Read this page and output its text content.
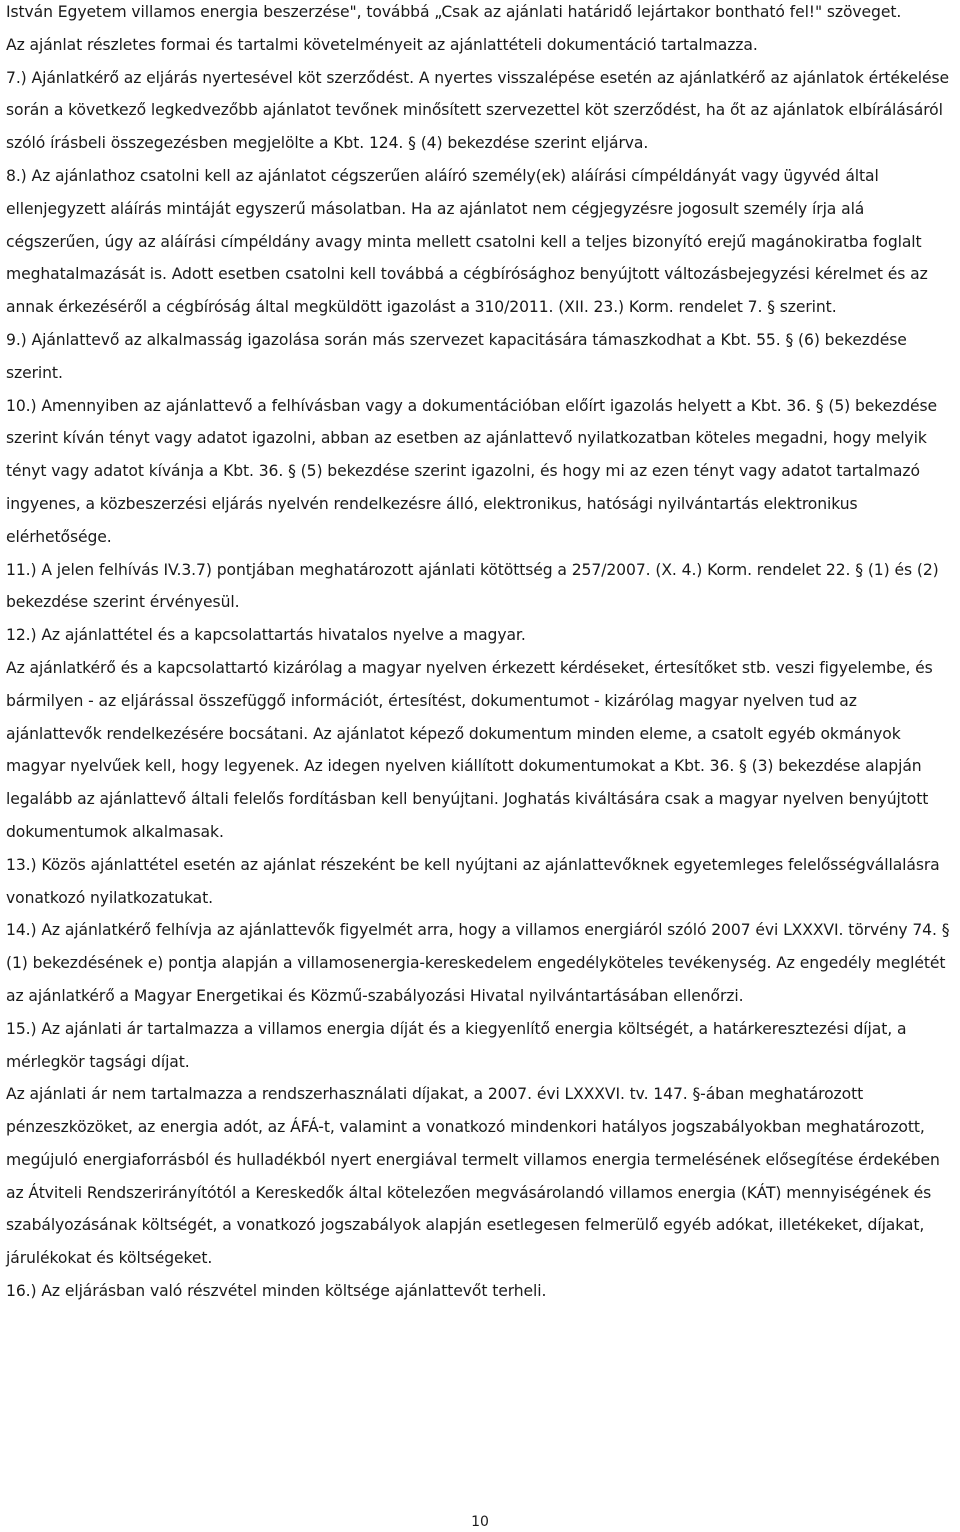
István Egyetem villamos energia beszerzése", továbbá „Csak az ajánlati határidő lejártakor bontható fel!" szöveget.

Az ajánlat részletes formai és tartalmi követelményeit az ajánlattételi dokumentáció tartalmazza.

7.) Ajánlatkérő az eljárás nyertesével köt szerződést. A nyertes visszalépése esetén az ajánlatkérő az ajánlatok értékelése során a következő legkedvezőbb ajánlatot tevőnek minősített szervezettel köt szerződést, ha őt az ajánlatok elbírálásáról szóló írásbeli összegezésben megjelölte a Kbt. 124. § (4) bekezdése szerint eljárva.

8.) Az ajánlathoz csatolni kell az ajánlatot cégszerűen aláíró személy(ek) aláírási címpéldányát vagy ügyvéd által ellenjegyzett aláírás mintáját egyszerű másolatban. Ha az ajánlatot nem cégjegyzésre jogosult személy írja alá cégszerűen, úgy az aláírási címpéldány avagy minta mellett csatolni kell a teljes bizonyító erejű magánokiratba foglalt meghatalmazását is. Adott esetben csatolni kell továbbá a cégbírósághoz benyújtott változásbejegyzési kérelmet és az annak érkezéséről a cégbíróság által megküldött igazolást a 310/2011. (XII. 23.) Korm. rendelet 7. § szerint.

9.) Ajánlattevő az alkalmasság igazolása során más szervezet kapacitására támaszkodhat a Kbt. 55. § (6) bekezdése szerint.

10.) Amennyiben az ajánlattevő a felhívásban vagy a dokumentációban előírt igazolás helyett a Kbt. 36. § (5) bekezdése szerint kíván tényt vagy adatot igazolni, abban az esetben az ajánlattevő nyilatkozatban köteles megadni, hogy melyik tényt vagy adatot kívánja a Kbt. 36. § (5) bekezdése szerint igazolni, és hogy mi az ezen tényt vagy adatot tartalmazó ingyenes, a közbeszerzési eljárás nyelvén rendelkezésre álló, elektronikus, hatósági nyilvántartás elektronikus elérhetősége.

11.) A jelen felhívás IV.3.7) pontjában meghatározott ajánlati kötöttség a 257/2007. (X. 4.) Korm. rendelet 22. § (1) és (2) bekezdése szerint érvényesül.

12.) Az ajánlattétel és a kapcsolattartás hivatalos nyelve a magyar.

Az ajánlatkérő és a kapcsolattartó kizárólag a magyar nyelven érkezett kérdéseket, értesítőket stb. veszi figyelembe, és bármilyen - az eljárással összefüggő információt, értesítést, dokumentumot - kizárólag magyar nyelven tud az ajánlattevők rendelkezésére bocsátani. Az ajánlatot képező dokumentum minden eleme, a csatolt egyéb okmányok magyar nyelvűek kell, hogy legyenek. Az idegen nyelven kiállított dokumentumokat a Kbt. 36. § (3) bekezdése alapján legalább az ajánlattevő általi felelős fordításban kell benyújtani. Joghatás kiváltására csak a magyar nyelven benyújtott dokumentumok alkalmasak.

13.) Közös ajánlattétel esetén az ajánlat részeként be kell nyújtani az ajánlattevőknek egyetemleges felelősségvállalásra vonatkozó nyilatkozatukat.

14.) Az ajánlatkérő felhívja az ajánlattevők figyelmét arra, hogy a villamos energiáról szóló 2007 évi LXXXVI. törvény 74. § (1) bekezdésének e) pontja alapján a villamosenergia-kereskedelem engedélyköteles tevékenység. Az engedély meglétét az ajánlatkérő a Magyar Energetikai és Közmű-szabályozási Hivatal nyilvántartásában ellenőrzi.

15.) Az ajánlati ár tartalmazza a villamos energia díját és a kiegyenlítő energia költségét, a határkeresztezési díjat, a mérlegkör tagsági díjat.

Az ajánlati ár nem tartalmazza a rendszerhasználati díjakat, a 2007. évi LXXXVI. tv. 147. §-ában meghatározott pénzeszközöket, az energia adót, az ÁFÁ-t, valamint a vonatkozó mindenkori hatályos jogszabályokban meghatározott, megújuló energiaforrásból és hulladékból nyert energiával termelt villamos energia termelésének elősegítése érdekében az Átviteli Rendszerirányítótól a Kereskedők által kötelezően megvásárolandó villamos energia (KÁT) mennyiségének és szabályozásának költségét, a vonatkozó jogszabályok alapján esetlegesen felmerülő egyéb adókat, illetékeket, díjakat, járulékokat és költségeket.

16.) Az eljárásban való részvétel minden költsége ajánlattevőt terheli.

10
